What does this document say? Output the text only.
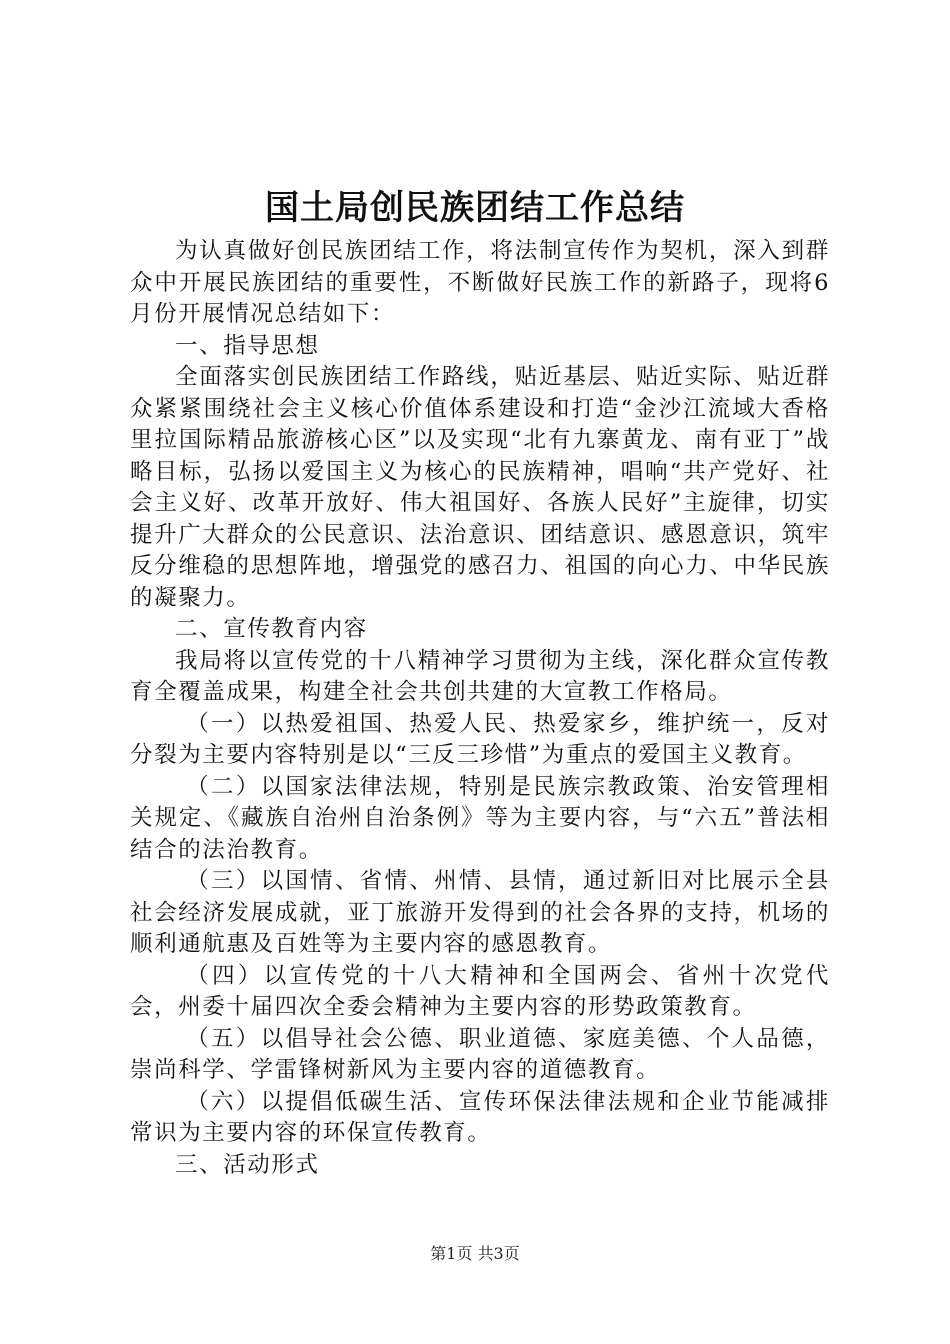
国土局创民族团结工作总结

为认真做好创民族团结工作，将法制宣传作为契机，深入到群众中开展民族团结的重要性，不断做好民族工作的新路子，现将6月份开展情况总结如下：

一、指导思想

全面落实创民族团结工作路线，贴近基层、贴近实际、贴近群众紧紧围绕社会主义核心价值体系建设和打造“金沙江流域大香格里拉国际精品旅游核心区”以及实现“北有九寨黄龙、南有亚丁”战略目标，弘扬以爱国主义为核心的民族精神，唱响“共产党好、社会主义好、改革开放好、伟大祖国好、各族人民好”主旋律，切实提升广大群众的公民意识、法治意识、团结意识、感恩意识，筑牢反分维稳的思想阵地，增强党的感召力、祖国的向心力、中华民族的凝聚力。

二、宣传教育内容

我局将以宣传党的十八精神学习贯彻为主线，深化群众宣传教育全覆盖成果，构建全社会共创共建的大宣教工作格局。

（一）以热爱祖国、热爱人民、热爱家乡，维护统一，反对分裂为主要内容特别是以“三反三珍惜”为重点的爱国主义教育。

（二）以国家法律法规，特别是民族宗教政策、治安管理相关规定、《藏族自治州自治条例》等为主要内容，与“六五”普法相结合的法治教育。

（三）以国情、省情、州情、县情，通过新旧对比展示全县社会经济发展成就，亚丁旅游开发得到的社会各界的支持，机场的顺利通航惠及百姓等为主要内容的感恩教育。

（四）以宣传党的十八大精神和全国两会、省州十次党代会，州委十届四次全委会精神为主要内容的形势政策教育。

（五）以倡导社会公德、职业道德、家庭美德、个人品德，崇尚科学、学雷锋树新风为主要内容的道德教育。

（六）以提倡低碳生活、宣传环保法律法规和企业节能减排常识为主要内容的环保宣传教育。

三、活动形式

第1页 共3页
